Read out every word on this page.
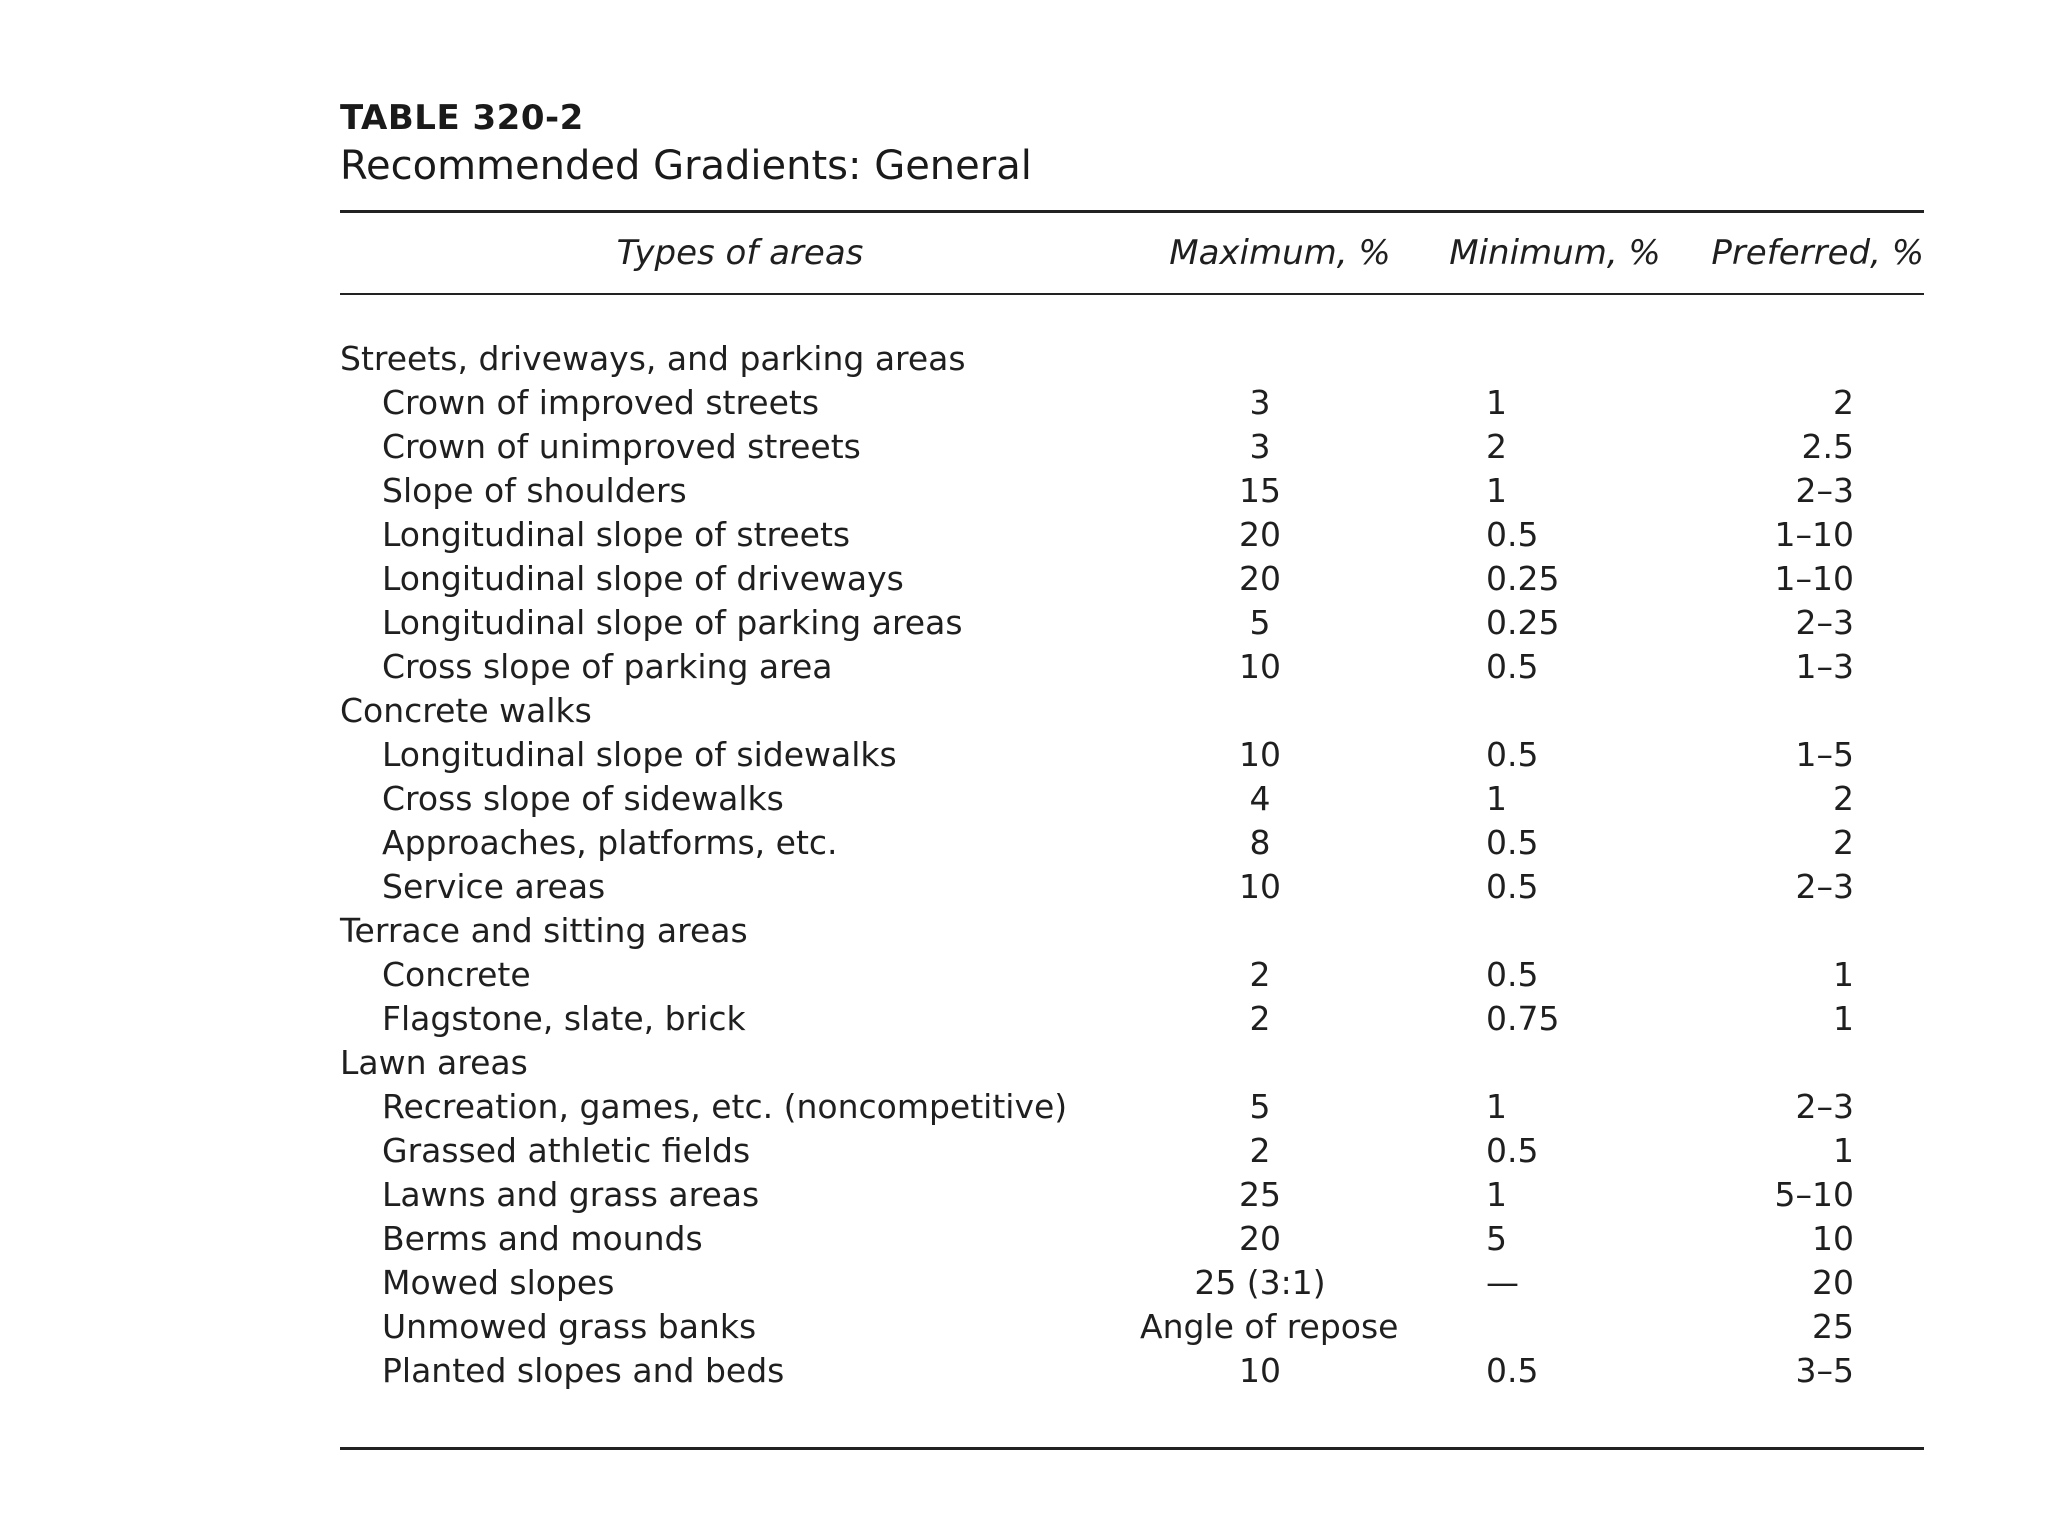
TABLE 320-2

Recommended Gradients: General

Types of areas	Maximum, %	Minimum, %	Preferred, %

Streets, driveways, and parking areas			
Crown of improved streets	3	1	2
Crown of unimproved streets	3	2	2.5
Slope of shoulders	15	1	2–3
Longitudinal slope of streets	20	0.5	1–10
Longitudinal slope of driveways	20	0.25	1–10
Longitudinal slope of parking areas	5	0.25	2–3
Cross slope of parking area	10	0.5	1–3
Concrete walks			
Longitudinal slope of sidewalks	10	0.5	1–5
Cross slope of sidewalks	4	1	2
Approaches, platforms, etc.	8	0.5	2
Service areas	10	0.5	2–3
Terrace and sitting areas			
Concrete	2	0.5	1
Flagstone, slate, brick	2	0.75	1
Lawn areas			
Recreation, games, etc. (noncompetitive)	5	1	2–3
Grassed athletic fields	2	0.5	1
Lawns and grass areas	25	1	5–10
Berms and mounds	20	5	10
Mowed slopes	25 (3:1)	—	20
Unmowed grass banks	Angle of repose		25
Planted slopes and beds	10	0.5	3–5
